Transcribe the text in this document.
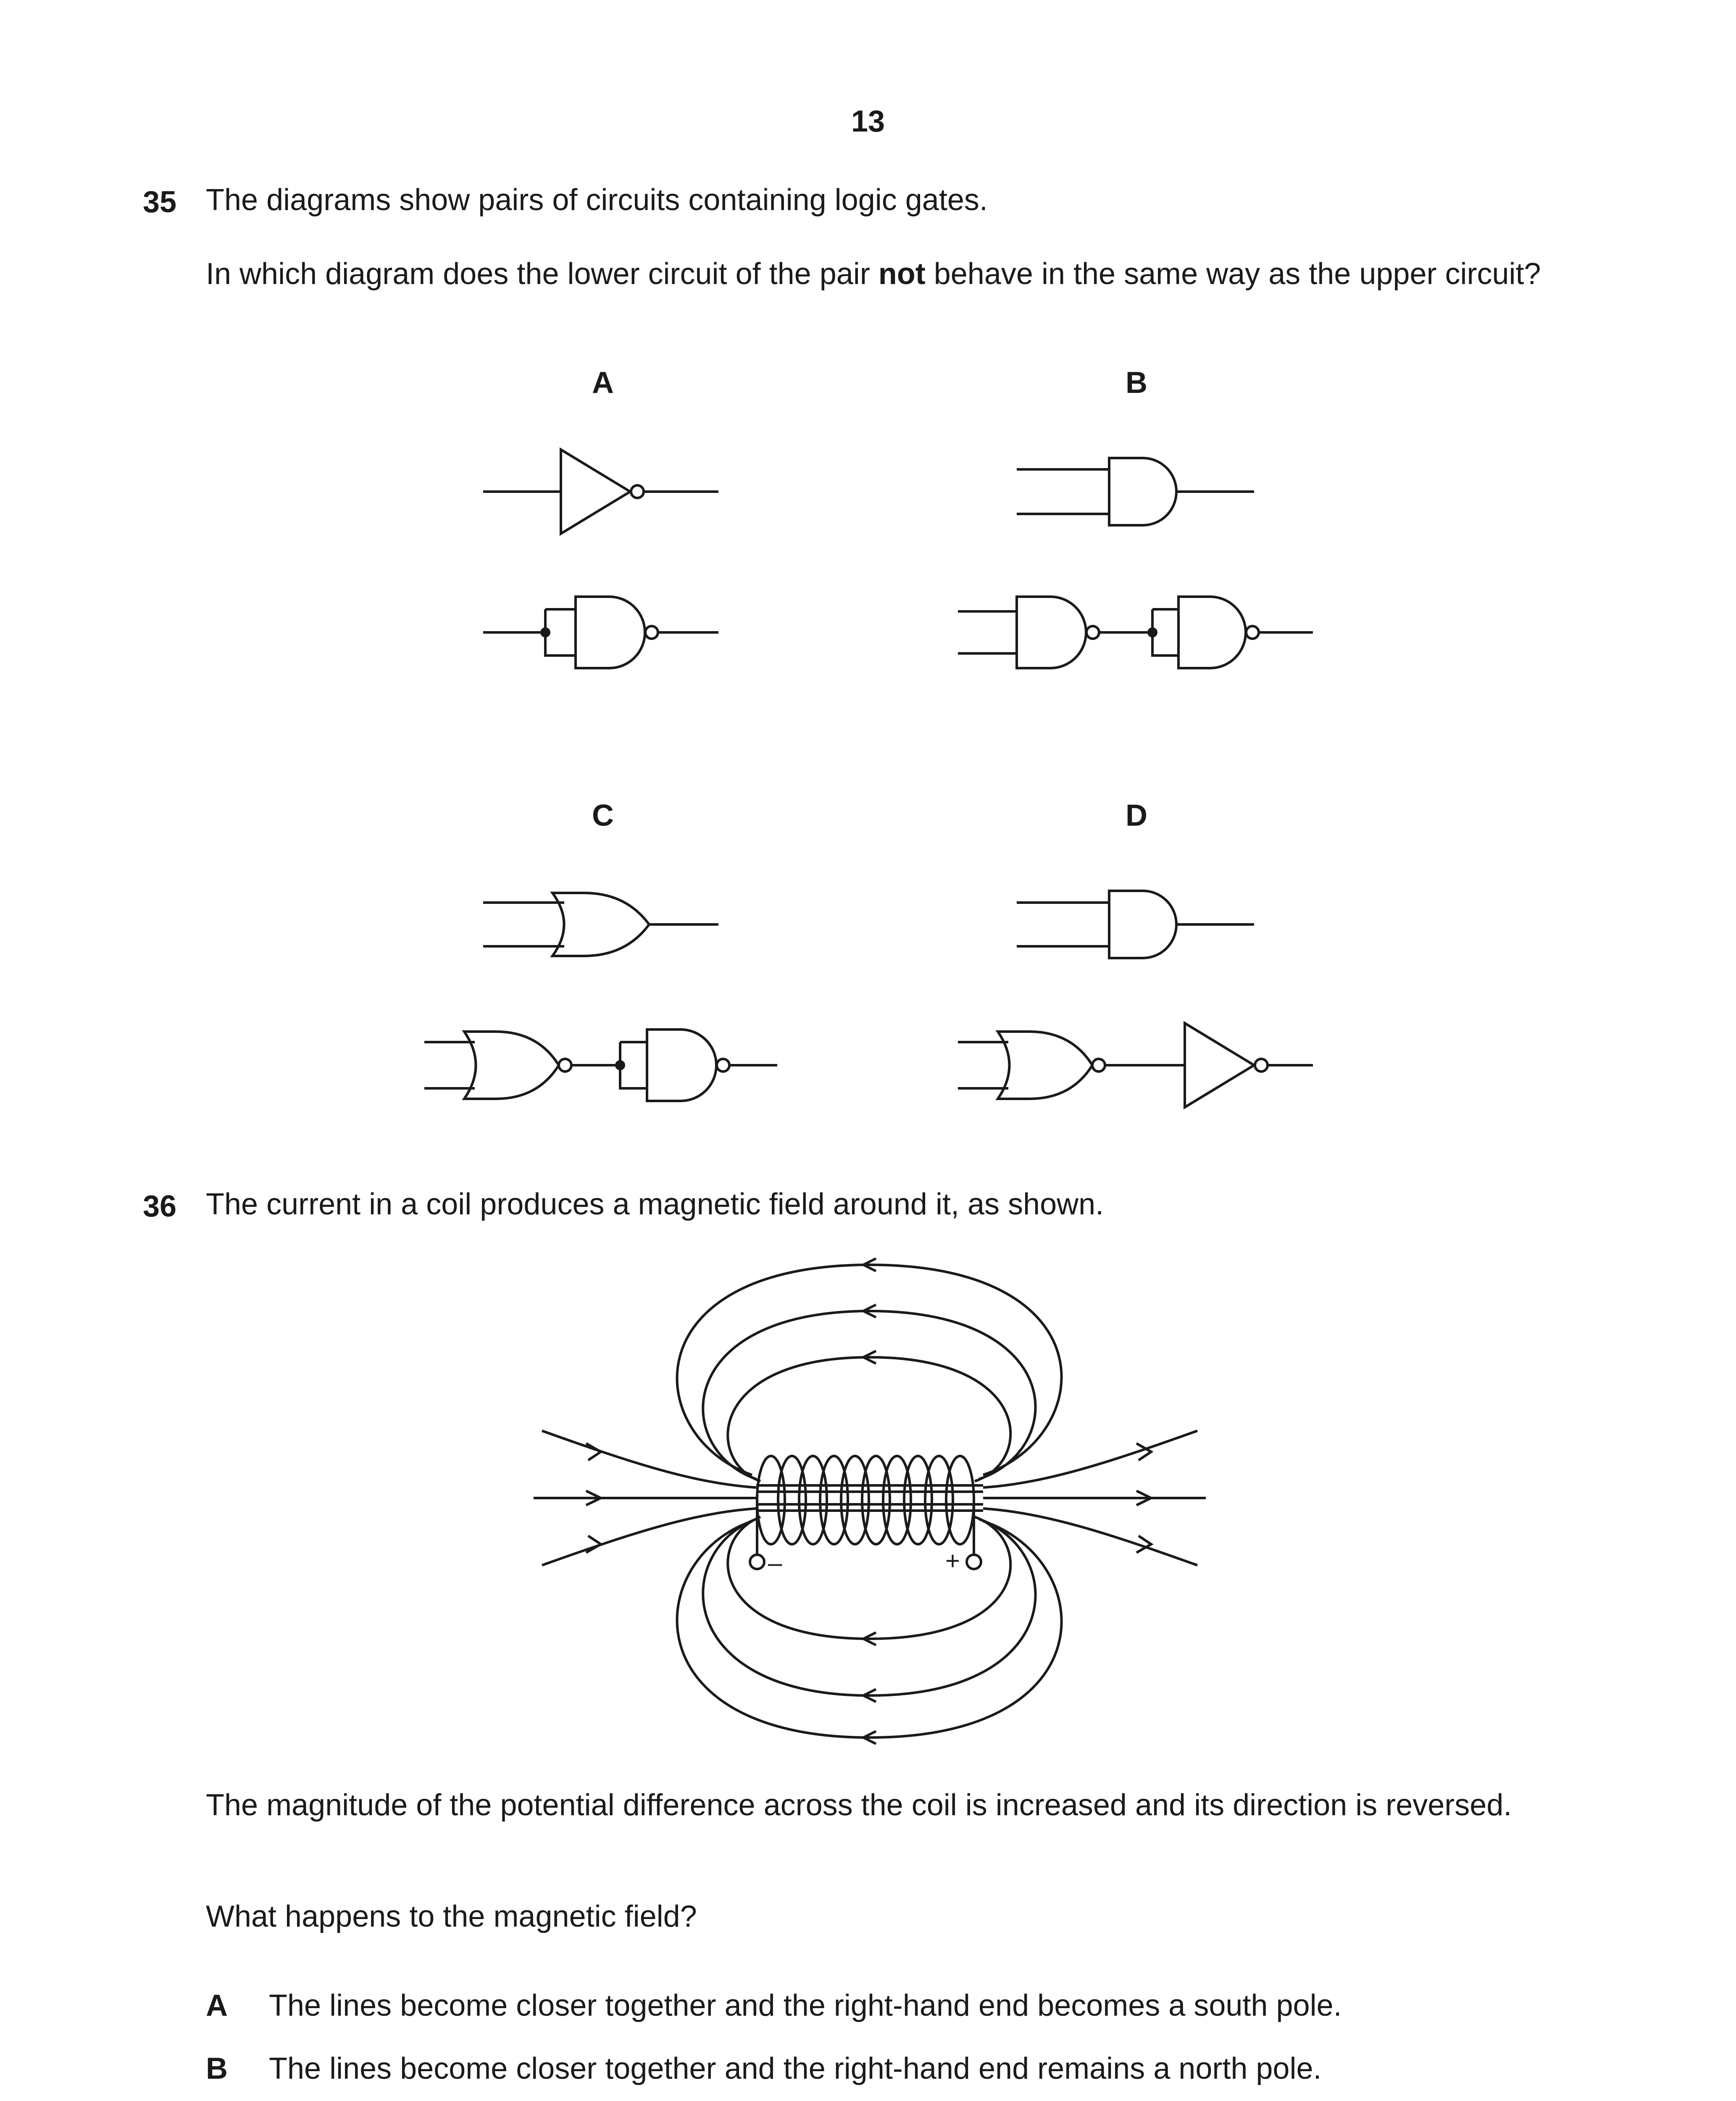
13
35 The diagrams show pairs of circuits containing logic gates.
In which diagram does the lower circuit of the pair not behave in the same way as the upper circuit?
A	B
C	D
36 The current in a coil produces a magnetic field around it, as shown.
–	+
The magnitude of the potential difference across the coil is increased and its direction is reversed.
What happens to the magnetic field?
A The lines become closer together and the right-hand end becomes a south pole.
B The lines become closer together and the right-hand end remains a north pole.
